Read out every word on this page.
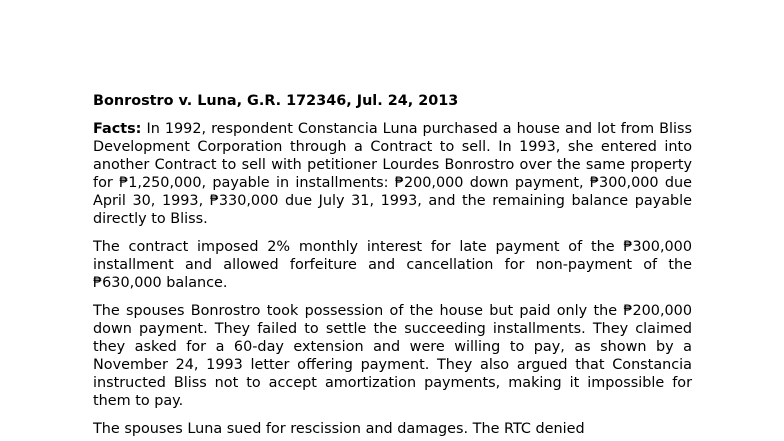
Bonrostro v. Luna, G.R. 172346, Jul. 24, 2013

Facts: In 1992, respondent Constancia Luna purchased a house and lot from Bliss Development Corporation through a Contract to sell. In 1993, she entered into another Contract to sell with petitioner Lourdes Bonrostro over the same property for ₱1,250,000, payable in installments: ₱200,000 down payment, ₱300,000 due April 30, 1993, ₱330,000 due July 31, 1993, and the remaining balance payable directly to Bliss.

The contract imposed 2% monthly interest for late payment of the ₱300,000 installment and allowed forfeiture and cancellation for non-payment of the ₱630,000 balance.

The spouses Bonrostro took possession of the house but paid only the ₱200,000 down payment. They failed to settle the succeeding installments. They claimed they asked for a 60-day extension and were willing to pay, as shown by a November 24, 1993 letter offering payment. They also argued that Constancia instructed Bliss not to accept amortization payments, making it impossible for them to pay.

The spouses Luna sued for rescission and damages. The RTC denied
